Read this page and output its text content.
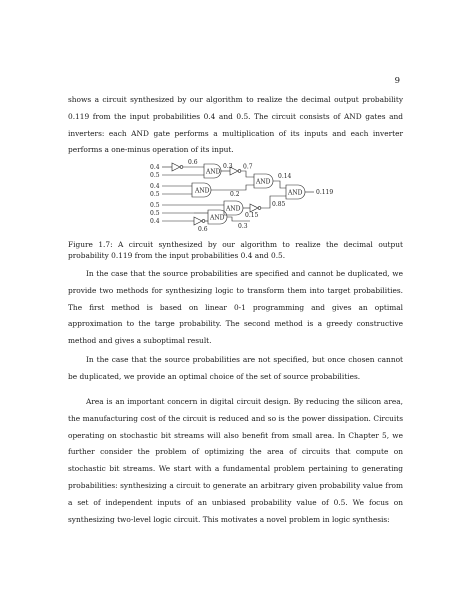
9
shows a circuit synthesized by our algorithm to realize the decimal output probability 0.119 from the input probabilities 0.4 and 0.5. The circuit consists of AND gates and inverters: each AND gate performs a multiplication of its inputs and each inverter performs a one-minus operation of its input.
0.4
0.5
0.4
0.5
0.5
0.5
0.4
0.6
AND
0.3 0.7
AND	0.2
AND
0.14
AND
0.15
0.85
0.6
AND
0.3
AND 0.119
Figure 1.7: A circuit synthesized by our algorithm to realize the decimal output probability 0.119 from the input probabilities 0.4 and 0.5.
In the case that the source probabilities are specified and cannot be duplicated, we provide two methods for synthesizing logic to transform them into target probabilities. The first method is based on linear 0-1 programming and gives an optimal approximation to the targe probability. The second method is a greedy constructive method and gives a suboptimal result.
In the case that the source probabilities are not specified, but once chosen cannot be duplicated, we provide an optimal choice of the set of source probabilities.
Area is an important concern in digital circuit design. By reducing the silicon area, the manufacturing cost of the circuit is reduced and so is the power dissipation. Circuits operating on stochastic bit streams will also benefit from small area. In Chapter 5, we further consider the problem of optimizing the area of circuits that compute on stochastic bit streams. We start with a fundamental problem pertaining to generating probabilities: synthesizing a circuit to generate an arbitrary given probability value from a set of independent inputs of an unbiased probability value of 0.5. We focus on synthesizing two-level logic circuit. This motivates a novel problem in logic synthesis:
